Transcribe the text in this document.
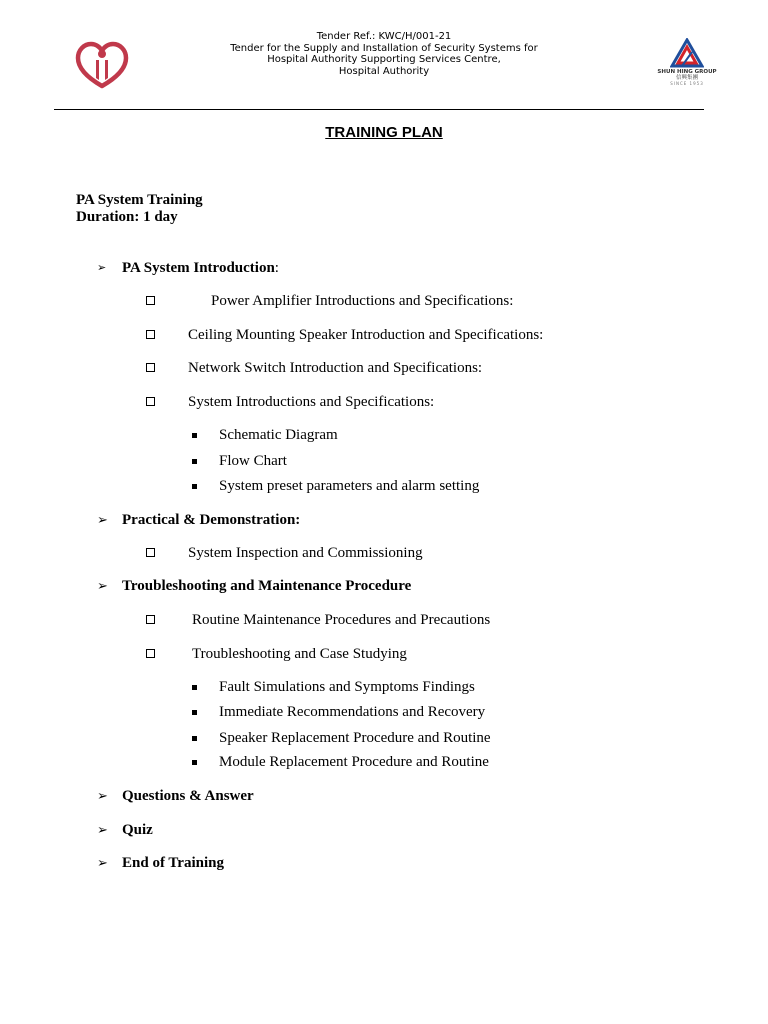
Tender Ref.: KWC/H/001-21
Tender for the Supply and Installation of Security Systems for
Hospital Authority Supporting Services Centre,
Hospital Authority	SHUN HING GROUP
信興集團
SINCE 1953
TRAINING PLAN
PA System Training
Duration: 1 day
➢	PA System Introduction:
Power Amplifier Introductions and Specifications:
Ceiling Mounting Speaker Introduction and Specifications:
Network Switch Introduction and Specifications:
System Introductions and Specifications:
Schematic Diagram
Flow Chart
System preset parameters and alarm setting
➢ Practical & Demonstration:
System Inspection and Commissioning
➢ Troubleshooting and Maintenance Procedure
Routine Maintenance Procedures and Precautions
Troubleshooting and Case Studying
Fault Simulations and Symptoms Findings
Immediate Recommendations and Recovery
Speaker Replacement Procedure and Routine
Module Replacement Procedure and Routine
➢ Questions & Answer
➢ Quiz
➢ End of Training
